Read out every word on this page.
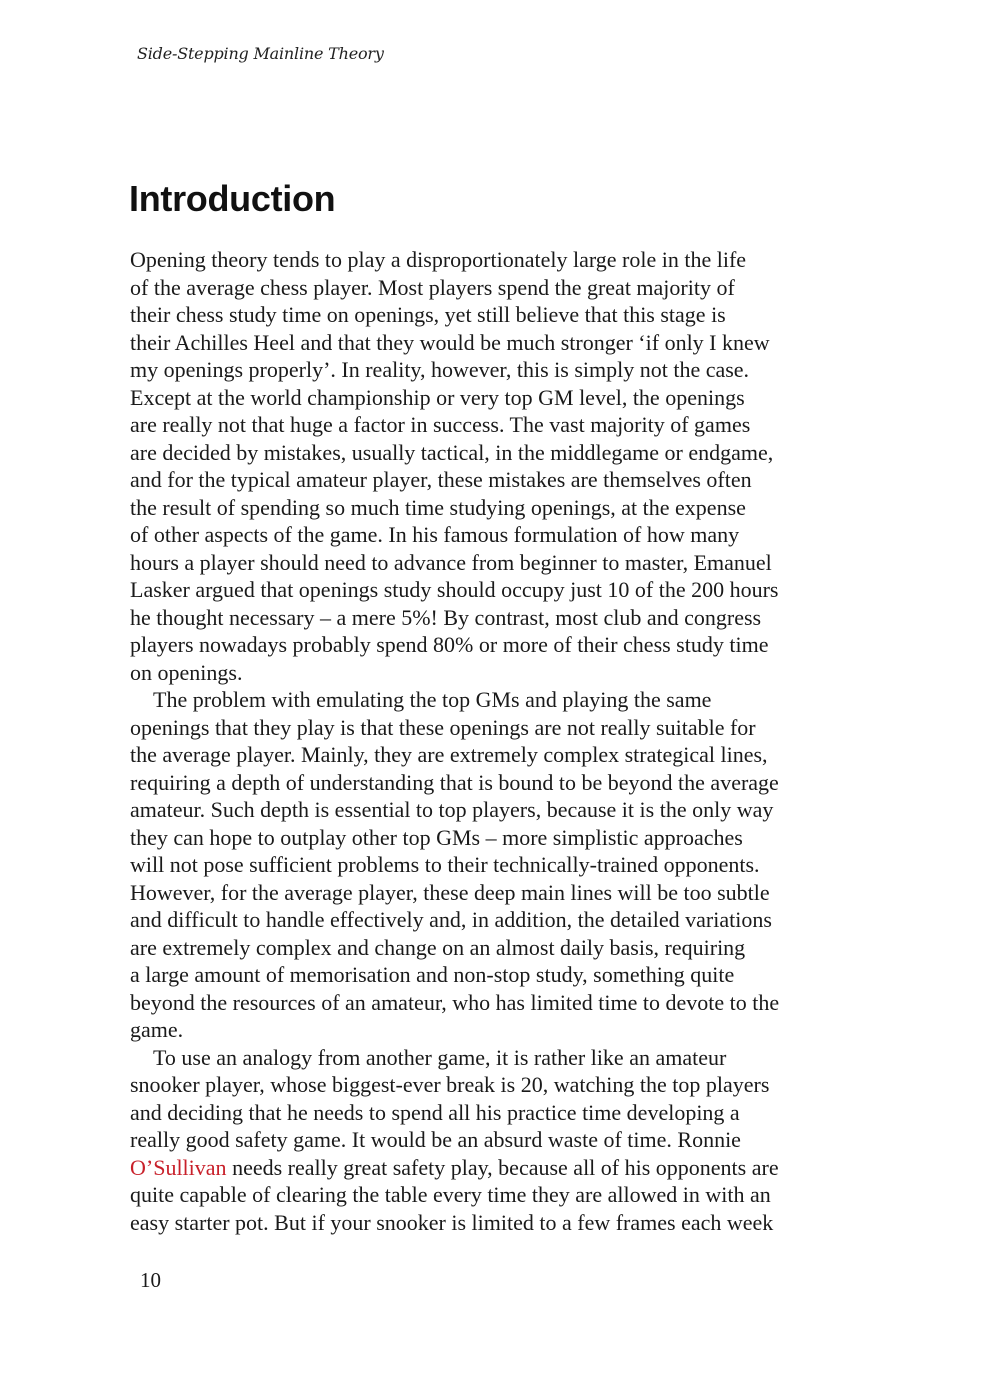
Side-Stepping Mainline Theory
Introduction
Opening theory tends to play a disproportionately large role in the life
of the average chess player. Most players spend the great majority of
their chess study time on openings, yet still believe that this stage is
their Achilles Heel and that they would be much stronger ‘if only I knew
my openings properly’. In reality, however, this is simply not the case.
Except at the world championship or very top GM level, the openings
are really not that huge a factor in success. The vast majority of games
are decided by mistakes, usually tactical, in the middlegame or endgame,
and for the typical amateur player, these mistakes are themselves often
the result of spending so much time studying openings, at the expense
of other aspects of the game. In his famous formulation of how many
hours a player should need to advance from beginner to master, Emanuel
Lasker argued that openings study should occupy just 10 of the 200 hours
he thought necessary – a mere 5%! By contrast, most club and congress
players nowadays probably spend 80% or more of their chess study time
on openings.
The problem with emulating the top GMs and playing the same
openings that they play is that these openings are not really suitable for
the average player. Mainly, they are extremely complex strategical lines,
requiring a depth of understanding that is bound to be beyond the average
amateur. Such depth is essential to top players, because it is the only way
they can hope to outplay other top GMs – more simplistic approaches
will not pose sufficient problems to their technically-trained opponents.
However, for the average player, these deep main lines will be too subtle
and difficult to handle effectively and, in addition, the detailed variations
are extremely complex and change on an almost daily basis, requiring
a large amount of memorisation and non-stop study, something quite
beyond the resources of an amateur, who has limited time to devote to the
game.
To use an analogy from another game, it is rather like an amateur
snooker player, whose biggest-ever break is 20, watching the top players
and deciding that he needs to spend all his practice time developing a
really good safety game. It would be an absurd waste of time. Ronnie
O’Sullivan needs really great safety play, because all of his opponents are
quite capable of clearing the table every time they are allowed in with an
easy starter pot. But if your snooker is limited to a few frames each week
10
